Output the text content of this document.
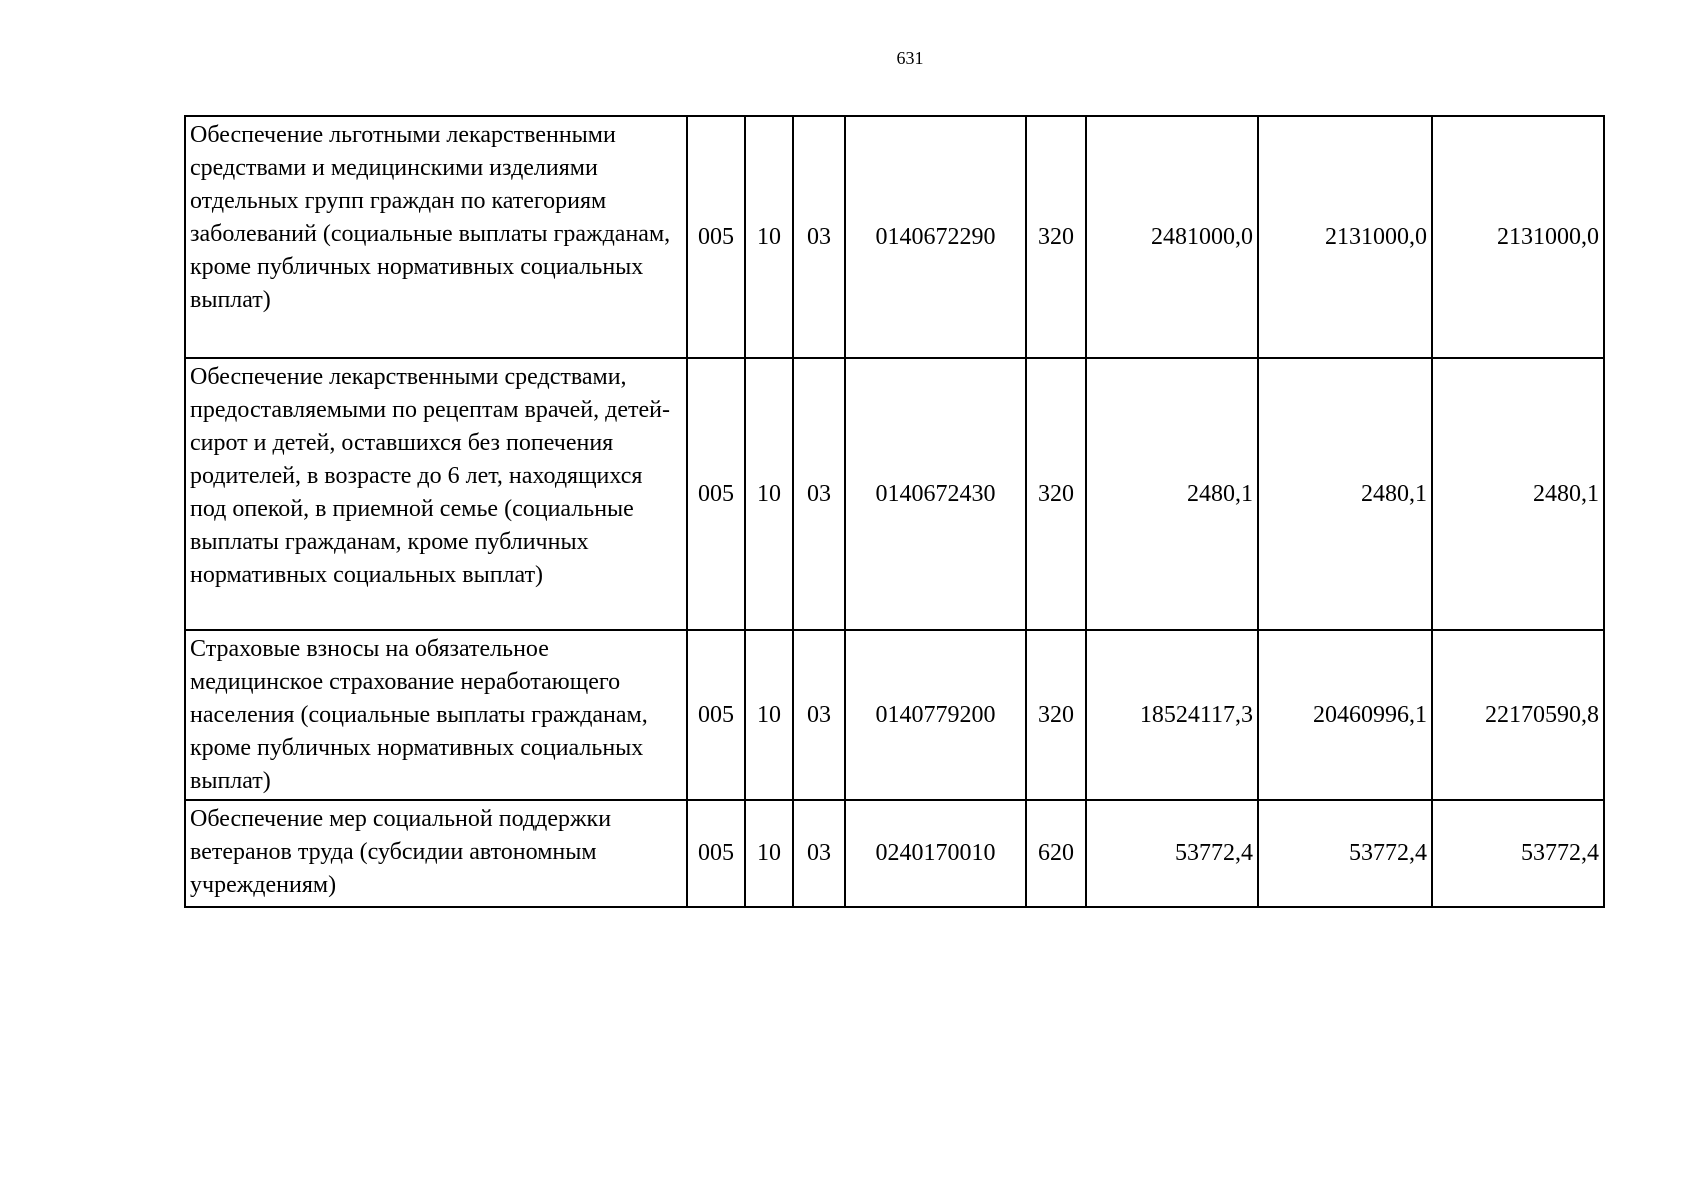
631
Обеспечение льготными лекарственными средствами и медицинскими изделиями отдельных групп граждан по категориям заболеваний (социальные выплаты гражданам, кроме публичных нормативных социальных выплат)	005	10	03	0140672290	320	2481000,0	2131000,0	2131000,0
Обеспечение лекарственными средствами, предоставляемыми по рецептам врачей, детей-сирот и детей, оставшихся без попечения родителей, в возрасте до 6 лет, находящихся под опекой, в приемной семье (социальные выплаты гражданам, кроме публичных нормативных социальных выплат)	005	10	03	0140672430	320	2480,1	2480,1	2480,1
Страховые взносы на обязательное медицинское страхование неработающего населения (социальные выплаты гражданам, кроме публичных нормативных социальных выплат)	005	10	03	0140779200	320	18524117,3	20460996,1	22170590,8
Обеспечение мер социальной поддержки ветеранов труда (субсидии автономным учреждениям)	005	10	03	0240170010	620	53772,4	53772,4	53772,4
